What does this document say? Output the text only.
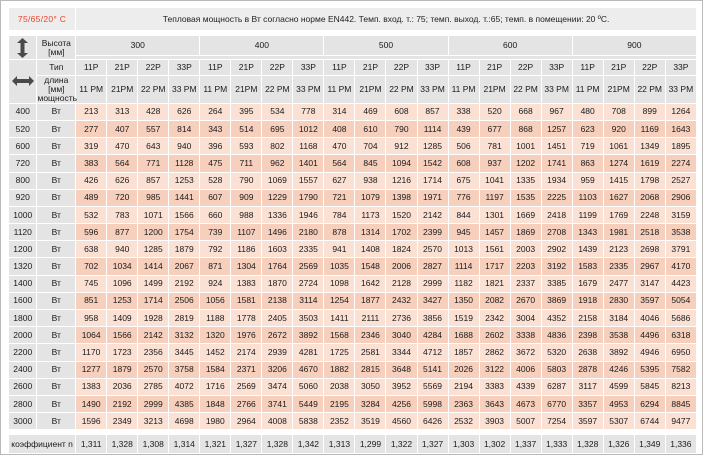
75/65/20° C		Тепловая мощность в Вт согласно норме EN442. Темп. вход. т.: 75; темп. выход. т.:65; темп. в помещении: 20 ºC.																			

	Высота [мм]	300				400				500				600				900			

	Тип	11P	21P	22P	33P	11P	21P	22P	33P	11P	21P	22P	33P	11P	21P	22P	33P	11P	21P	22P	33P
	длина [мм]
мощность	11 PM	21PM	22 PM	33 PM	11 PM	21PM	22 PM	33 PM	11 PM	21PM	22 PM	33 PM	11 PM	21PM	22 PM	33 PM	11 PM	21PM	22 PM	33 PM
400	Вт	213	313	428	626	264	395	534	778	314	469	608	857	338	520	668	967	480	708	899	1264
520	Вт	277	407	557	814	343	514	695	1012	408	610	790	1114	439	677	868	1257	623	920	1169	1643
600	Вт	319	470	643	940	396	593	802	1168	470	704	912	1285	506	781	1001	1451	719	1061	1349	1895
720	Вт	383	564	771	1128	475	711	962	1401	564	845	1094	1542	608	937	1202	1741	863	1274	1619	2274
800	Вт	426	626	857	1253	528	790	1069	1557	627	938	1216	1714	675	1041	1335	1934	959	1415	1798	2527
920	Вт	489	720	985	1441	607	909	1229	1790	721	1079	1398	1971	776	1197	1535	2225	1103	1627	2068	2906
1000	Вт	532	783	1071	1566	660	988	1336	1946	784	1173	1520	2142	844	1301	1669	2418	1199	1769	2248	3159
1120	Вт	596	877	1200	1754	739	1107	1496	2180	878	1314	1702	2399	945	1457	1869	2708	1343	1981	2518	3538
1200	Вт	638	940	1285	1879	792	1186	1603	2335	941	1408	1824	2570	1013	1561	2003	2902	1439	2123	2698	3791
1320	Вт	702	1034	1414	2067	871	1304	1764	2569	1035	1548	2006	2827	1114	1717	2203	3192	1583	2335	2967	4170
1400	Вт	745	1096	1499	2192	924	1383	1870	2724	1098	1642	2128	2999	1182	1821	2337	3385	1679	2477	3147	4423
1600	Вт	851	1253	1714	2506	1056	1581	2138	3114	1254	1877	2432	3427	1350	2082	2670	3869	1918	2830	3597	5054
1800	Вт	958	1409	1928	2819	1188	1778	2405	3503	1411	2111	2736	3856	1519	2342	3004	4352	2158	3184	4046	5686
2000	Вт	1064	1566	2142	3132	1320	1976	2672	3892	1568	2346	3040	4284	1688	2602	3338	4836	2398	3538	4496	6318
2200	Вт	1170	1723	2356	3445	1452	2174	2939	4281	1725	2581	3344	4712	1857	2862	3672	5320	2638	3892	4946	6950
2400	Вт	1277	1879	2570	3758	1584	2371	3206	4670	1882	2815	3648	5141	2026	3122	4006	5803	2878	4246	5395	7582
2600	Вт	1383	2036	2785	4072	1716	2569	3474	5060	2038	3050	3952	5569	2194	3383	4339	6287	3117	4599	5845	8213
2800	Вт	1490	2192	2999	4385	1848	2766	3741	5449	2195	3284	4256	5998	2363	3643	4673	6770	3357	4953	6294	8845
3000	Вт	1596	2349	3213	4698	1980	2964	4008	5838	2352	3519	4560	6426	2532	3903	5007	7254	3597	5307	6744	9477

коэффициент n		1,311	1,328	1,308	1,314	1,321	1,327	1,328	1,342	1,313	1,299	1,322	1,327	1,303	1,302	1,337	1,333	1,328	1,326	1,349	1,336
